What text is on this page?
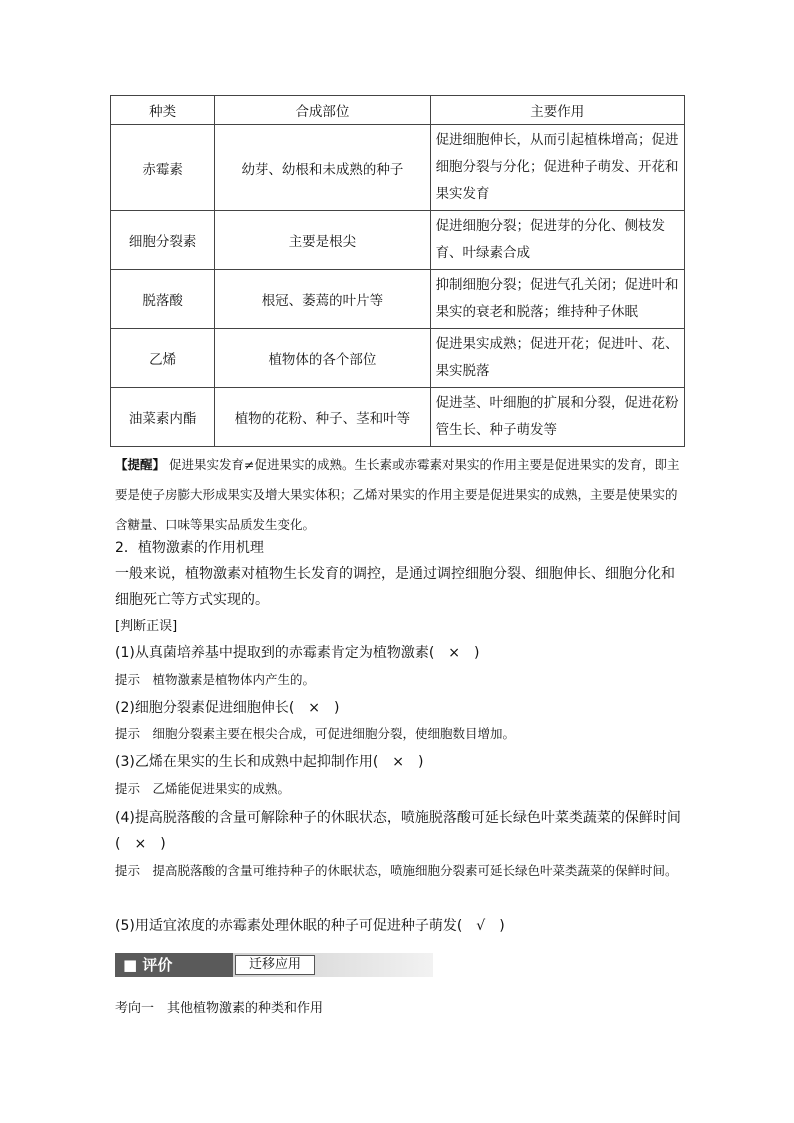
种类	合成部位	主要作用
赤霉素	幼芽、幼根和未成熟的种子	促进细胞伸长，从而引起植株增高；促进细胞分裂与分化；促进种子萌发、开花和果实发育
细胞分裂素	主要是根尖	促进细胞分裂；促进芽的分化、侧枝发育、叶绿素合成
脱落酸	根冠、萎蔫的叶片等	抑制细胞分裂；促进气孔关闭；促进叶和果实的衰老和脱落；维持种子休眠
乙烯	植物体的各个部位	促进果实成熟；促进开花；促进叶、花、果实脱落
油菜素内酯	植物的花粉、种子、茎和叶等	促进茎、叶细胞的扩展和分裂，促进花粉管生长、种子萌发等
【提醒】 促进果实发育≠促进果实的成熟。生长素或赤霉素对果实的作用主要是促进果实的发育，即主要是使子房膨大形成果实及增大果实体积；乙烯对果实的作用主要是促进果实的成熟，主要是使果实的含糖量、口味等果实品质发生变化。
2．植物激素的作用机理
一般来说，植物激素对植物生长发育的调控，是通过调控细胞分裂、细胞伸长、细胞分化和细胞死亡等方式实现的。
[判断正误]
(1)从真菌培养基中提取到的赤霉素肯定为植物激素(　×　)
提示　植物激素是植物体内产生的。
(2)细胞分裂素促进细胞伸长(　×　)
提示　细胞分裂素主要在根尖合成，可促进细胞分裂，使细胞数目增加。
(3)乙烯在果实的生长和成熟中起抑制作用(　×　)
提示　乙烯能促进果实的成熟。
(4)提高脱落酸的含量可解除种子的休眠状态，喷施脱落酸可延长绿色叶菜类蔬菜的保鲜时间(　×　)
提示　提高脱落酸的含量可维持种子的休眠状态，喷施细胞分裂素可延长绿色叶菜类蔬菜的保鲜时间。
(5)用适宜浓度的赤霉素处理休眠的种子可促进种子萌发(　√　)
■ 评价	迁移应用
考向一　其他植物激素的种类和作用
